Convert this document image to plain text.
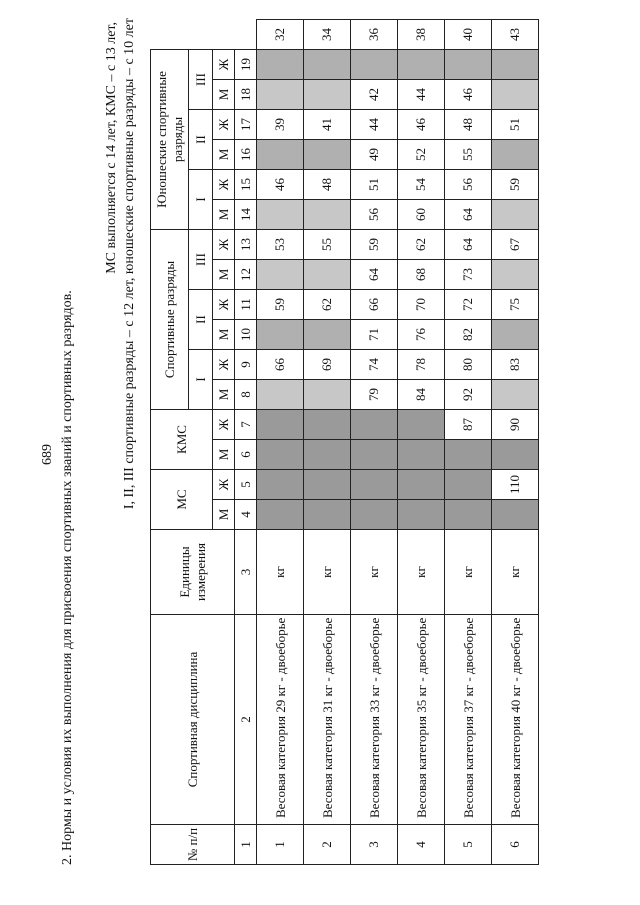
689 2. Нормы и условия их выполнения для присвоения спортивных званий и спортивных разрядов.
МС выполняется с 14 лет, КМС – с 13 лет, I, II, III спортивные разряды – с 12 лет, юношеские спортивные разряды – с 10 лет
№ п/п	Спортивная дисциплина	Единицы измерения	МС		КМС		Спортивные разряды						Юношеские спортивные разряды						
							I		II		III		I		II		III		
			М	Ж	М	Ж	М	Ж	М	Ж	М	Ж	М	Ж	М	Ж	М	Ж	
1	2	3	4	5	6	7	8	9	10	11	12	13	14	15	16	17	18	19	
1	Весовая категория 29 кг - двоеборье	кг						66		59		53		46		39			32
2	Весовая категория 31 кг - двоеборье	кг						69		62		55		48		41			34
3	Весовая категория 33 кг - двоеборье	кг					79	74	71	66	64	59	56	51	49	44	42		36
4	Весовая категория 35 кг - двоеборье	кг					84	78	76	70	68	62	60	54	52	46	44		38
5	Весовая категория 37 кг - двоеборье	кг				87	92	80	82	72	73	64	64	56	55	48	46		40
6	Весовая категория 40 кг - двоеборье	кг		110		90		83		75		67		59		51			43
